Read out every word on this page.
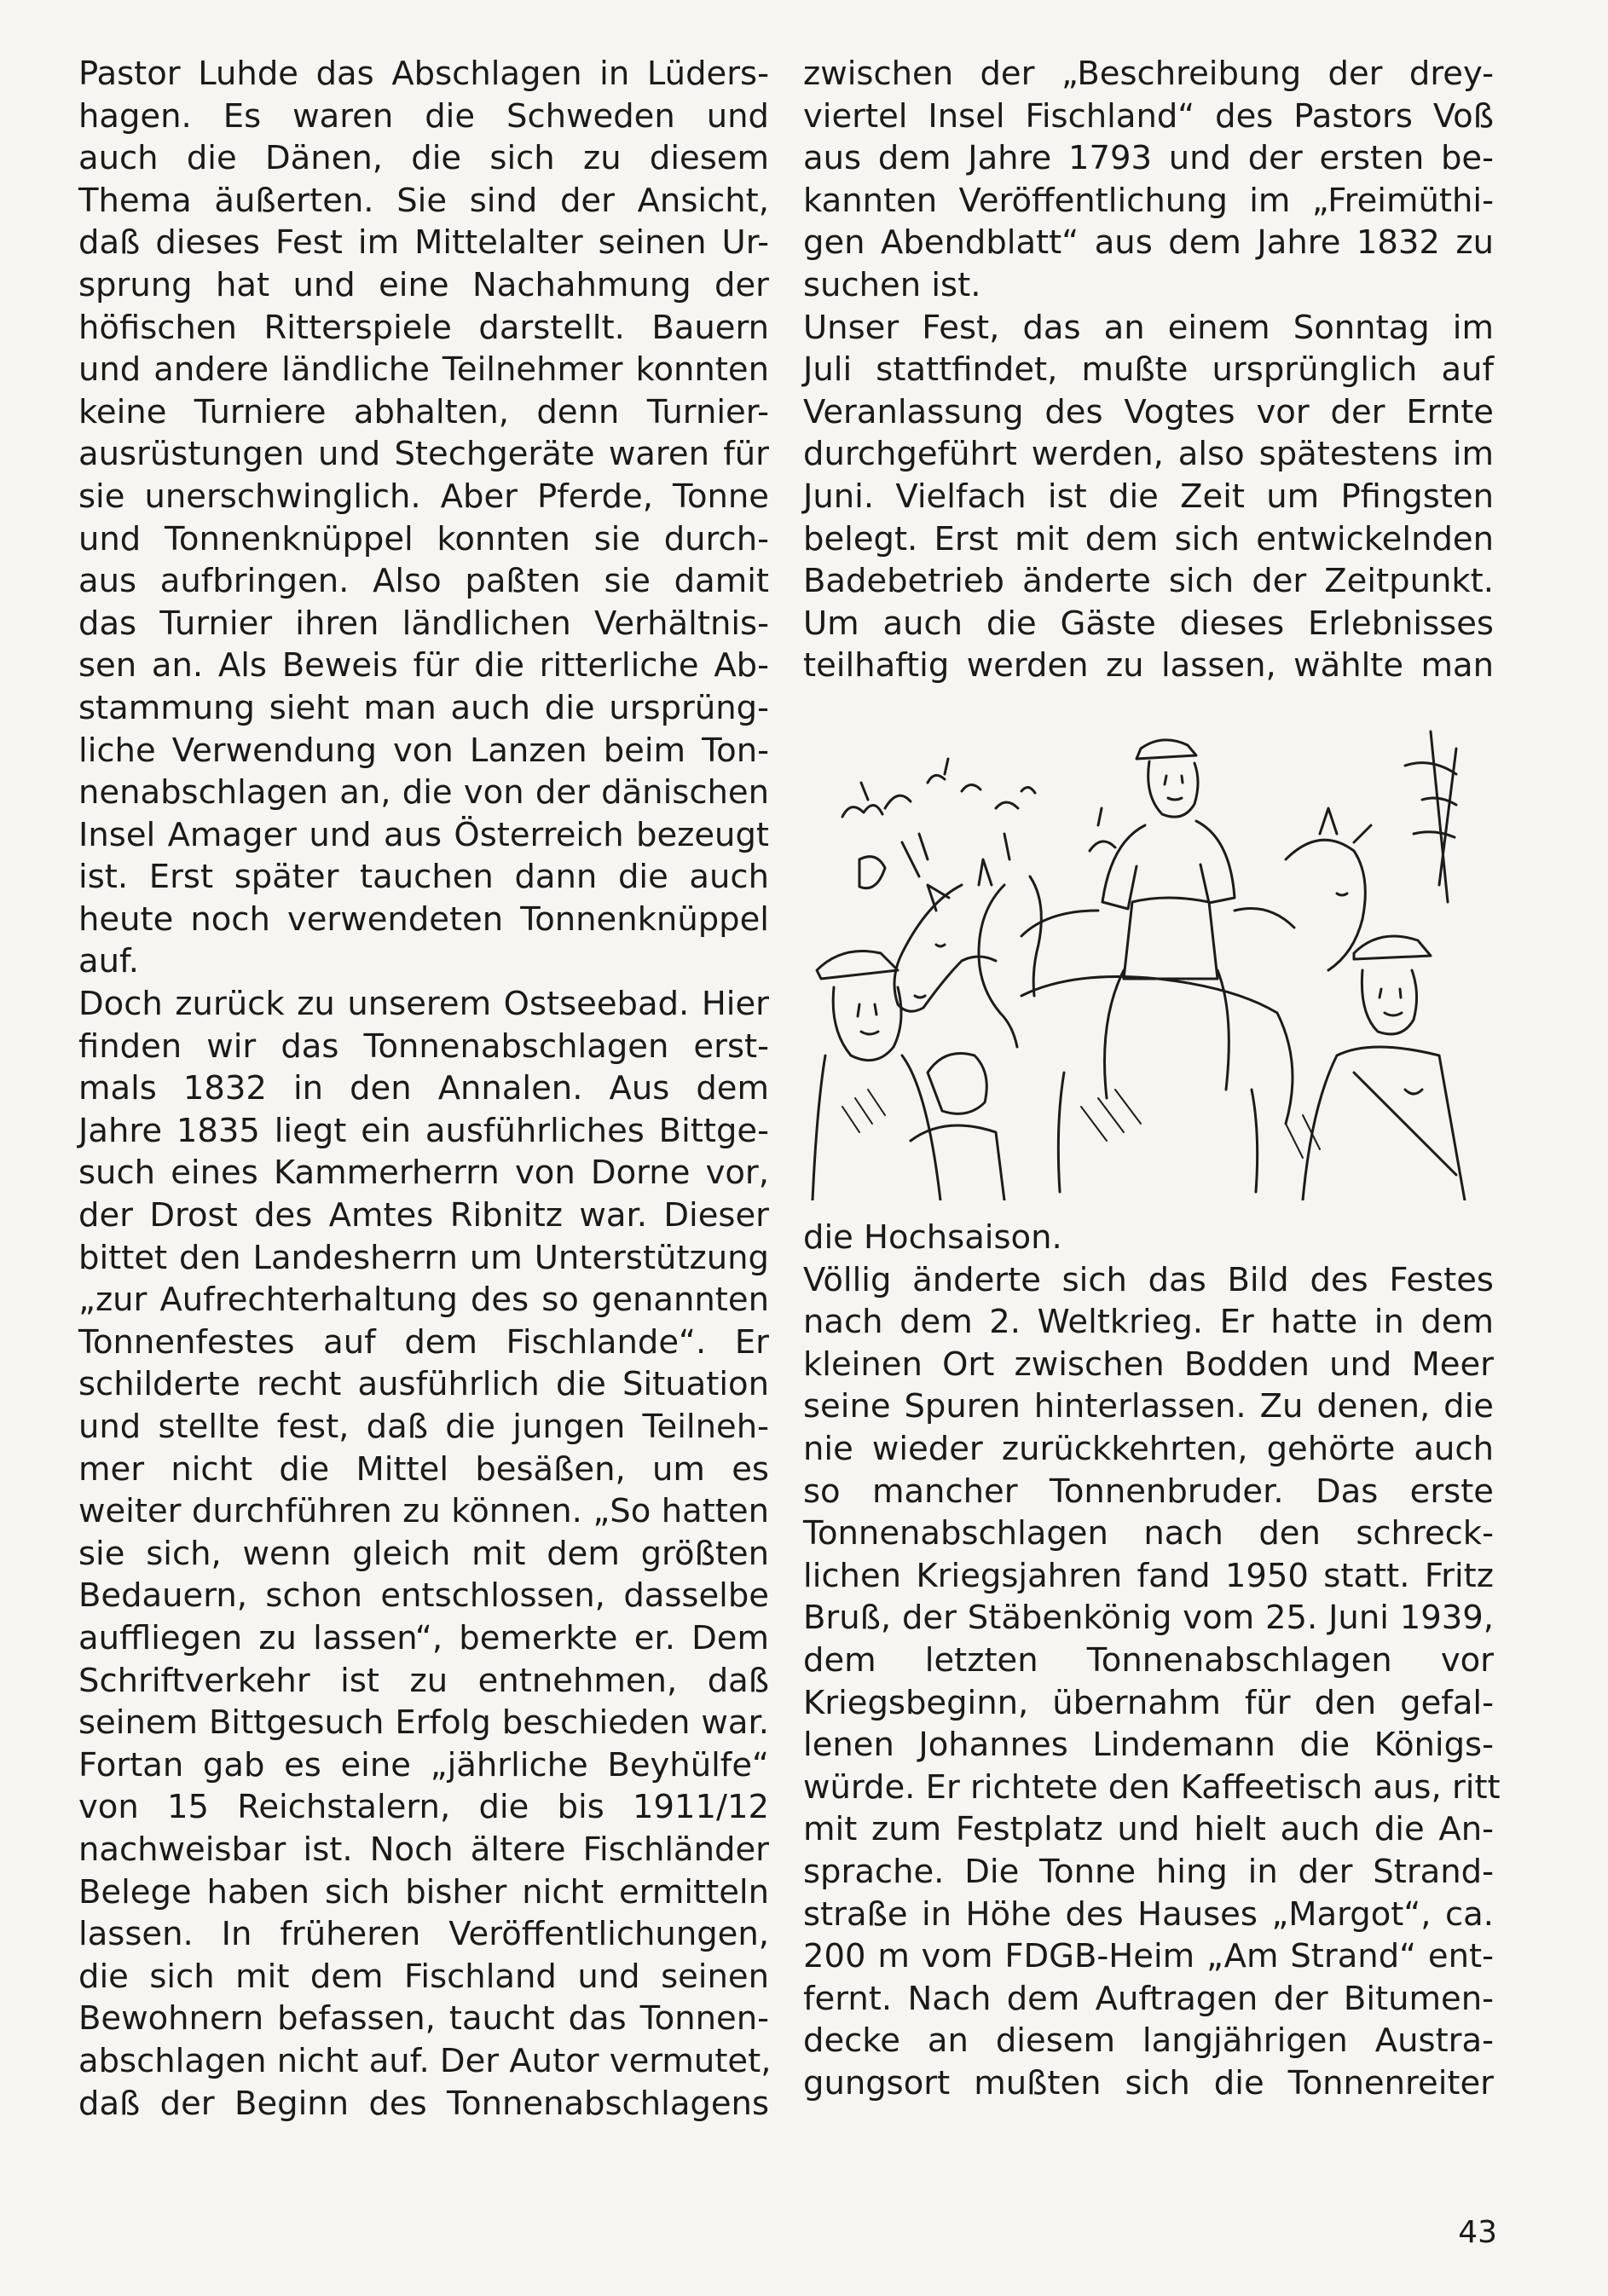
Pastor Luhde das Abschlagen in Lüders-
hagen. Es waren die Schweden und
auch die Dänen, die sich zu diesem
Thema äußerten. Sie sind der Ansicht,
daß dieses Fest im Mittelalter seinen Ur-
sprung hat und eine Nachahmung der
höfischen Ritterspiele darstellt. Bauern
und andere ländliche Teilnehmer konnten
keine Turniere abhalten, denn Turnier-
ausrüstungen und Stechgeräte waren für
sie unerschwinglich. Aber Pferde, Tonne
und Tonnenknüppel konnten sie durch-
aus aufbringen. Also paßten sie damit
das Turnier ihren ländlichen Verhältnis-
sen an. Als Beweis für die ritterliche Ab-
stammung sieht man auch die ursprüng-
liche Verwendung von Lanzen beim Ton-
nenabschlagen an, die von der dänischen
Insel Amager und aus Österreich bezeugt
ist. Erst später tauchen dann die auch
heute noch verwendeten Tonnenknüppel
auf.
Doch zurück zu unserem Ostseebad. Hier
finden wir das Tonnenabschlagen erst-
mals 1832 in den Annalen. Aus dem
Jahre 1835 liegt ein ausführliches Bittge-
such eines Kammerherrn von Dorne vor,
der Drost des Amtes Ribnitz war. Dieser
bittet den Landesherrn um Unterstützung
„zur Aufrechterhaltung des so genannten
Tonnenfestes auf dem Fischlande“. Er
schilderte recht ausführlich die Situation
und stellte fest, daß die jungen Teilneh-
mer nicht die Mittel besäßen, um es
weiter durchführen zu können. „So hatten
sie sich, wenn gleich mit dem größten
Bedauern, schon entschlossen, dasselbe
auffliegen zu lassen“, bemerkte er. Dem
Schriftverkehr ist zu entnehmen, daß
seinem Bittgesuch Erfolg beschieden war.
Fortan gab es eine „jährliche Beyhülfe“
von 15 Reichstalern, die bis 1911/12
nachweisbar ist. Noch ältere Fischländer
Belege haben sich bisher nicht ermitteln
lassen. In früheren Veröffentlichungen,
die sich mit dem Fischland und seinen
Bewohnern befassen, taucht das Tonnen-
abschlagen nicht auf. Der Autor vermutet,
daß der Beginn des Tonnenabschlagens
zwischen der „Beschreibung der drey-
viertel Insel Fischland“ des Pastors Voß
aus dem Jahre 1793 und der ersten be-
kannten Veröffentlichung im „Freimüthi-
gen Abendblatt“ aus dem Jahre 1832 zu
suchen ist.
Unser Fest, das an einem Sonntag im
Juli stattfindet, mußte ursprünglich auf
Veranlassung des Vogtes vor der Ernte
durchgeführt werden, also spätestens im
Juni. Vielfach ist die Zeit um Pfingsten
belegt. Erst mit dem sich entwickelnden
Badebetrieb änderte sich der Zeitpunkt.
Um auch die Gäste dieses Erlebnisses
teilhaftig werden zu lassen, wählte man
die Hochsaison.
Völlig änderte sich das Bild des Festes
nach dem 2. Weltkrieg. Er hatte in dem
kleinen Ort zwischen Bodden und Meer
seine Spuren hinterlassen. Zu denen, die
nie wieder zurückkehrten, gehörte auch
so mancher Tonnenbruder. Das erste
Tonnenabschlagen nach den schreck-
lichen Kriegsjahren fand 1950 statt. Fritz
Bruß, der Stäbenkönig vom 25. Juni 1939,
dem letzten Tonnenabschlagen vor
Kriegsbeginn, übernahm für den gefal-
lenen Johannes Lindemann die Königs-
würde. Er richtete den Kaffeetisch aus, ritt
mit zum Festplatz und hielt auch die An-
sprache. Die Tonne hing in der Strand-
straße in Höhe des Hauses „Margot“, ca.
200 m vom FDGB-Heim „Am Strand“ ent-
fernt. Nach dem Auftragen der Bitumen-
decke an diesem langjährigen Austra-
gungsort mußten sich die Tonnenreiter
43
